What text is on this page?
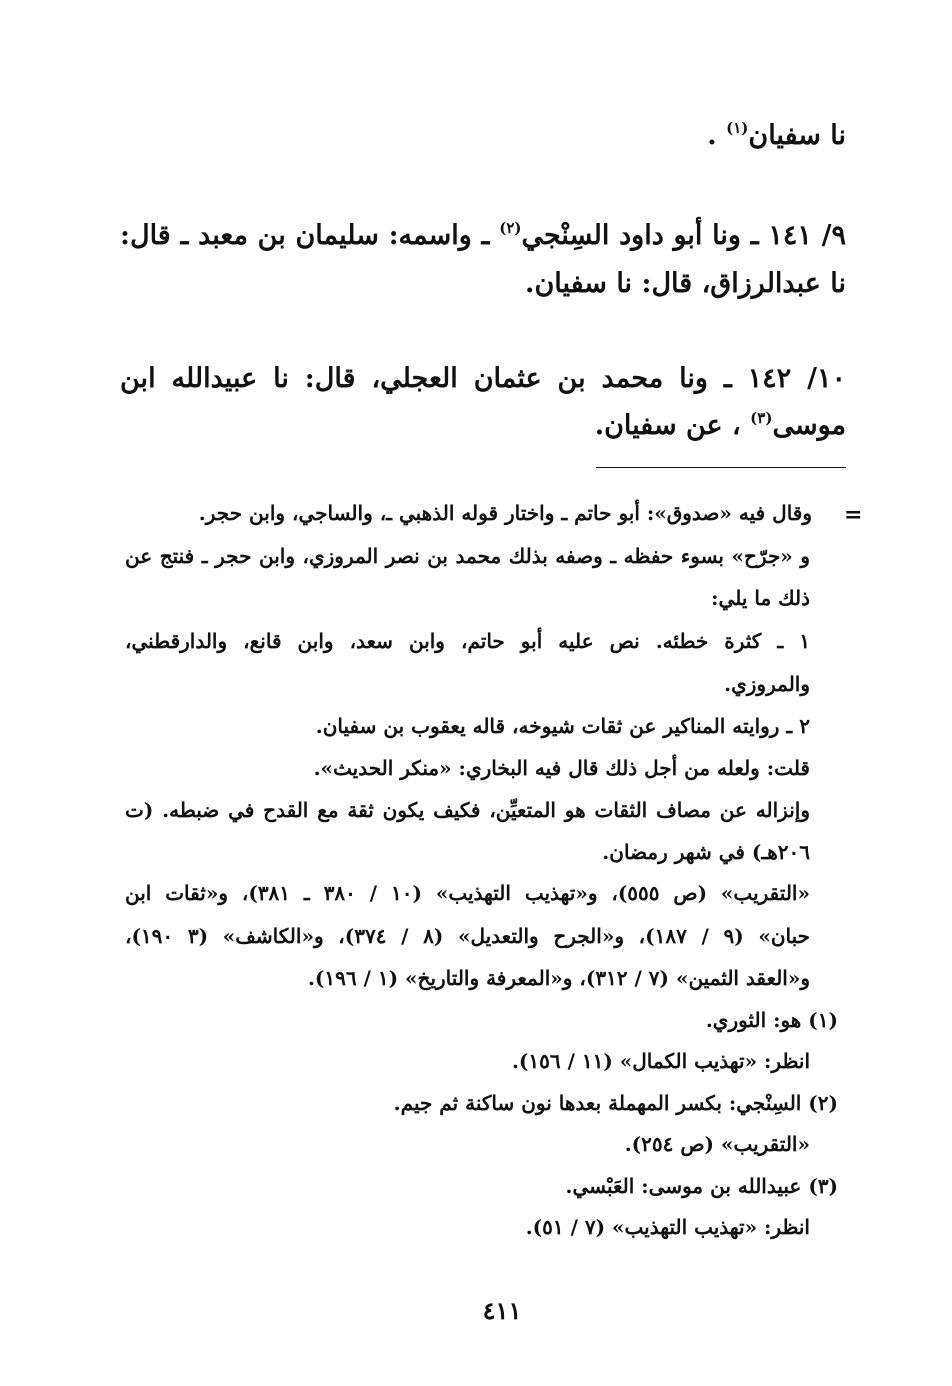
نا سفيان$^{(١)}$ .
٩/ ١٤١ ـ ونا أبو داود السِنْجي$^{(٢)}$ ـ واسمه: سليمان بن معبد ـ قال:
نا عبدالرزاق، قال: نا سفيان.
١٠/ ١٤٢ ـ ونا محمد بن عثمان العجلي، قال: نا عبيدالله ابن
موسى$^{(٣)}$ ، عن سفيان.
=
وقال فيه «صدوق»: أبو حاتم ـ واختار قوله الذهبي ـ، والساجي، وابن حجر.
و «جرّح» بسوء حفظه ـ وصفه بذلك محمد بن نصر المروزي، وابن حجر ـ فنتج عن
ذلك ما يلي:
١ ـ كثرة خطئه. نص عليه أبو حاتم، وابن سعد، وابن قانع، والدارقطني،
والمروزي.
٢ ـ روايته المناكير عن ثقات شيوخه، قاله يعقوب بن سفيان.
قلت: ولعله من أجل ذلك قال فيه البخاري: «منكر الحديث».
وإنزاله عن مصاف الثقات هو المتعيِّن، فكيف يكون ثقة مع القدح في ضبطه. (ت
٢٠٦هـ) في شهر رمضان.
«التقريب» (ص ٥٥٥)، و«تهذيب التهذيب» (١٠ / ٣٨٠ ـ ٣٨١)، و«ثقات ابن
حبان» (٩ / ١٨٧)، و«الجرح والتعديل» (٨ / ٣٧٤)، و«الكاشف» (٣ ١٩٠)،
و«العقد الثمين» (٧ / ٣١٢)، و«المعرفة والتاريخ» (١ / ١٩٦).
(١) هو: الثوري.
انظر: «تهذيب الكمال» (١١ / ١٥٦).
(٢) السِنْجي: بكسر المهملة بعدها نون ساكنة ثم جيم.
«التقريب» (ص ٢٥٤).
(٣) عبيدالله بن موسى: العَبْسي.
انظر: «تهذيب التهذيب» (٧ / ٥١).
٤١١
